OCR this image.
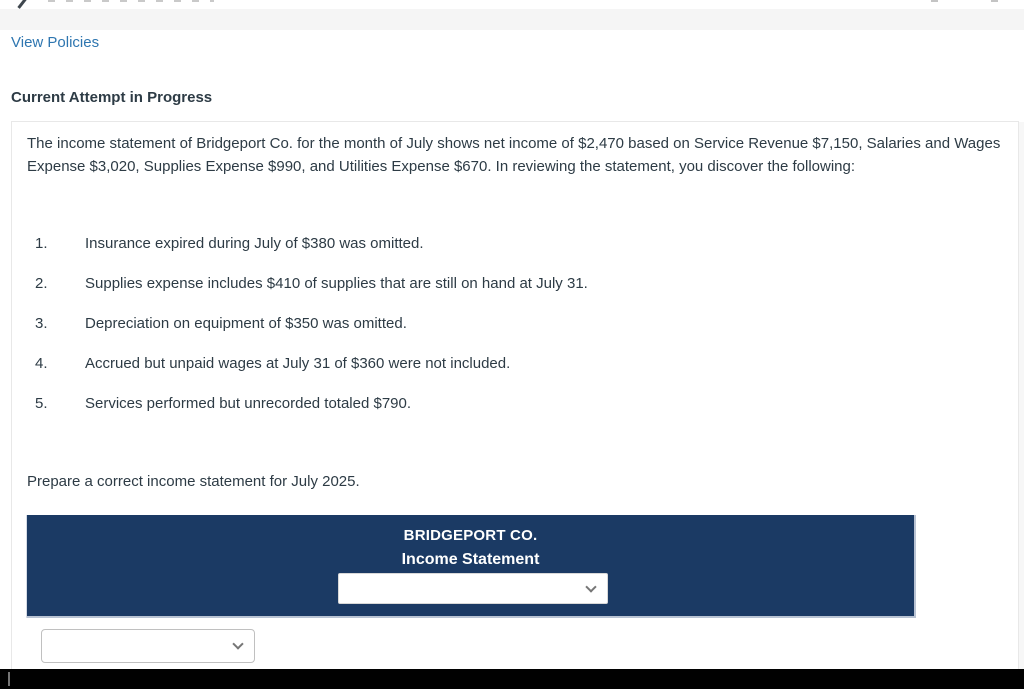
View Policies
Current Attempt in Progress
The income statement of Bridgeport Co. for the month of July shows net income of $2,470 based on Service Revenue $7,150, Salaries and Wages Expense $3,020, Supplies Expense $990, and Utilities Expense $670. In reviewing the statement, you discover the following:
1. Insurance expired during July of $380 was omitted.
2. Supplies expense includes $410 of supplies that are still on hand at July 31.
3. Depreciation on equipment of $350 was omitted.
4. Accrued but unpaid wages at July 31 of $360 were not included.
5. Services performed but unrecorded totaled $790.
Prepare a correct income statement for July 2025.
BRIDGEPORT CO.
Income Statement
